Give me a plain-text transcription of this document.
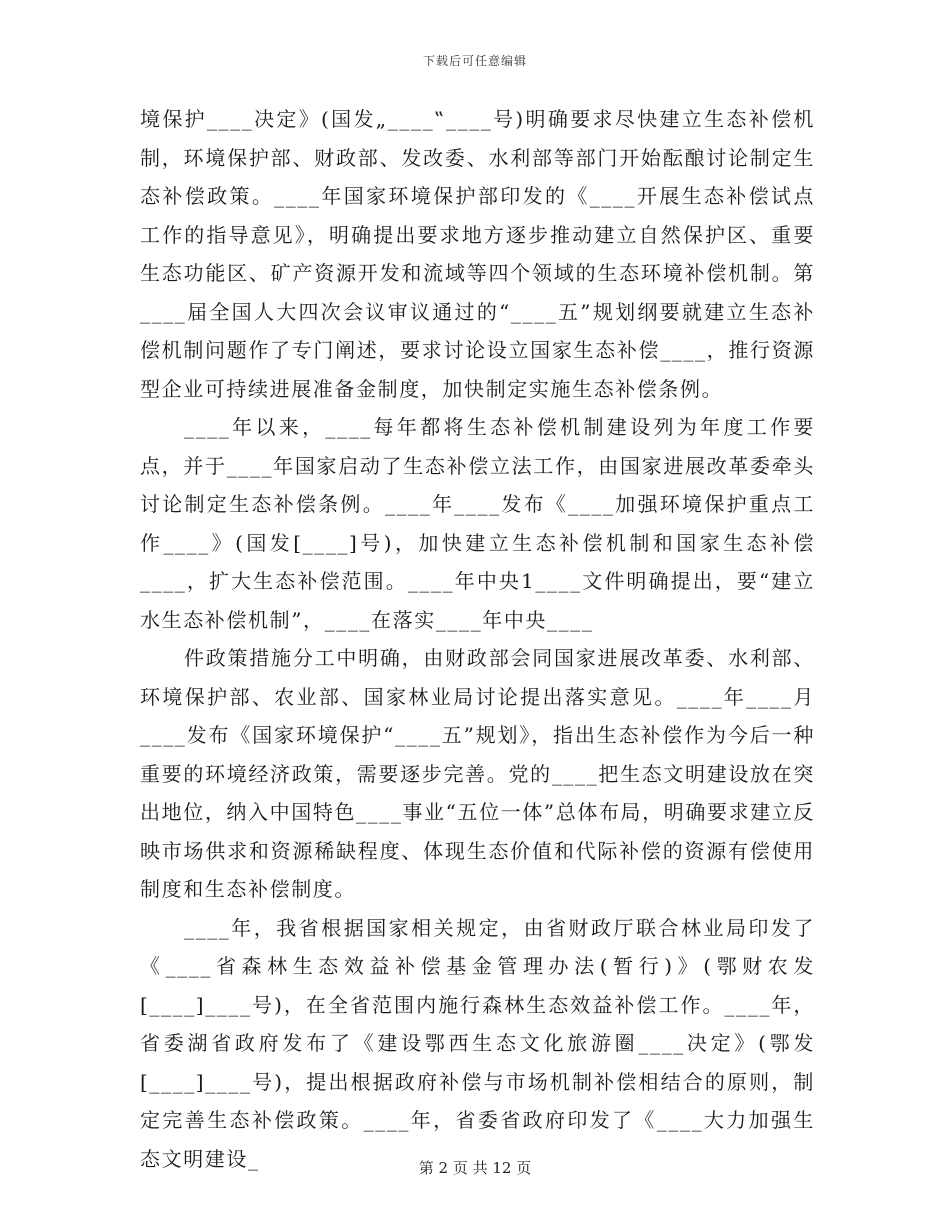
下载后可任意编辑

境保护____决定》(国发„____‟____号)明确要求尽快建立生态补偿机制，环境保护部、财政部、发改委、水利部等部门开始酝酿讨论制定生态补偿政策。____年国家环境保护部印发的《____开展生态补偿试点工作的指导意见》，明确提出要求地方逐步推动建立自然保护区、重要生态功能区、矿产资源开发和流域等四个领域的生态环境补偿机制。第____届全国人大四次会议审议通过的“____五”规划纲要就建立生态补偿机制问题作了专门阐述，要求讨论设立国家生态补偿____，推行资源型企业可持续进展准备金制度，加快制定实施生态补偿条例。

____年以来，____每年都将生态补偿机制建设列为年度工作要点，并于____年国家启动了生态补偿立法工作，由国家进展改革委牵头讨论制定生态补偿条例。____年____发布《____加强环境保护重点工作____》(国发[____]号)，加快建立生态补偿机制和国家生态补偿____，扩大生态补偿范围。____年中央1____文件明确提出，要“建立水生态补偿机制”，____在落实____年中央____

件政策措施分工中明确，由财政部会同国家进展改革委、水利部、环境保护部、农业部、国家林业局讨论提出落实意见。____年____月____发布《国家环境保护“____五”规划》，指出生态补偿作为今后一种重要的环境经济政策，需要逐步完善。党的____把生态文明建设放在突出地位，纳入中国特色____事业“五位一体”总体布局，明确要求建立反映市场供求和资源稀缺程度、体现生态价值和代际补偿的资源有偿使用制度和生态补偿制度。

____年，我省根据国家相关规定，由省财政厅联合林业局印发了《____省森林生态效益补偿基金管理办法(暂行)》(鄂财农发[____]____号)，在全省范围内施行森林生态效益补偿工作。____年，省委湖省政府发布了《建设鄂西生态文化旅游圈____决定》(鄂发[____]____号)，提出根据政府补偿与市场机制补偿相结合的原则，制定完善生态补偿政策。____年，省委省政府印发了《____大力加强生态文明建设_	第 2 页 共 12 页
